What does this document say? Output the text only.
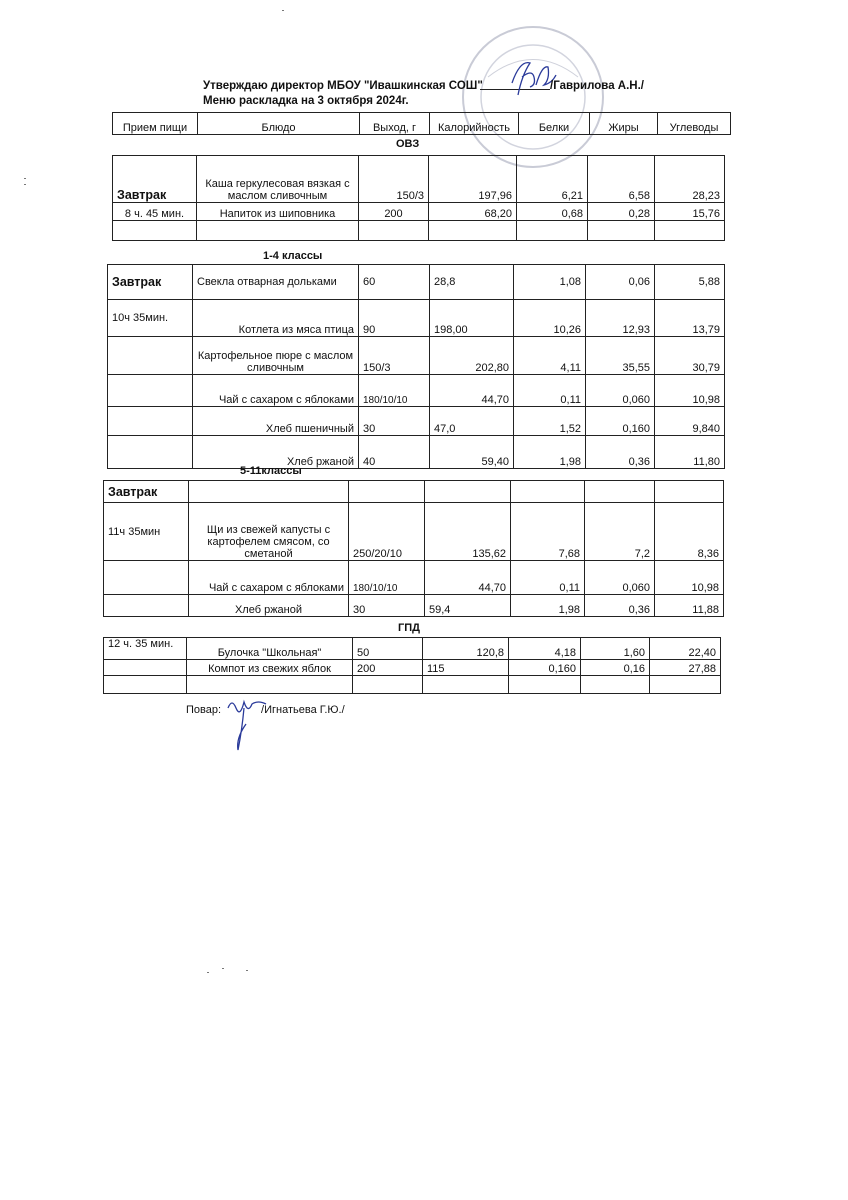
Утверждаю директор МБОУ "Ивашкинская СОШ"	/Гаврилова А.Н./
Меню раскладка на 3 октября 2024г.
Прием пищи	Блюдо	Выход, г	Калорийность	Белки	Жиры	Углеводы
ОВЗ
Завтрак	Каша геркулесовая вязкая с маслом сливочным	150/3	197,96	6,21	6,58	28,23
8 ч. 45 мин.	Напиток из шиповника	200	68,20	0,68	0,28	15,76

1-4 классы
Завтрак	Свекла отварная дольками	60	28,8	1,08	0,06	5,88
10ч 35мин.	Котлета из мяса птица	90	198,00	10,26	12,93	13,79
	Картофельное пюре с маслом сливочным	150/3	202,80	4,11	35,55	30,79
	Чай с сахаром с яблоками	180/10/10	44,70	0,11	0,060	10,98
	Хлеб пшеничный	30	47,0	1,52	0,160	9,840
	Хлеб ржаной	40	59,40	1,98	0,36	11,80
5-11классы
Завтрак						
11ч 35мин	Щи из свежей капусты с картофелем смясом, со сметаной	250/20/10	135,62	7,68	7,2	8,36
	Чай с сахаром с яблоками	180/10/10	44,70	0,11	0,060	10,98
	Хлеб ржаной	30	59,4	1,98	0,36	11,88
ГПД
12 ч. 35 мин.	Булочка "Школьная"	50	120,8	4,18	1,60	22,40
	Компот из свежих яблок	200	115	0,160	0,16	27,88

Повар:	/Игнатьева Г.Ю./
